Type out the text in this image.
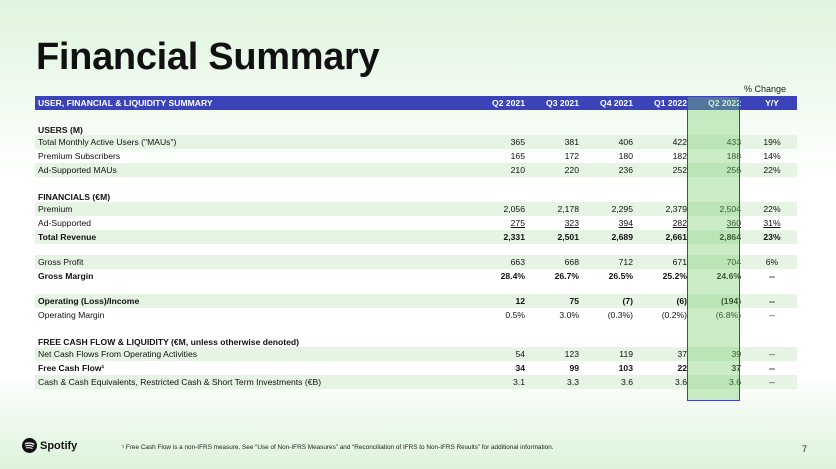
Financial Summary
% Change
USER, FINANCIAL & LIQUIDITY SUMMARY	Q2 2021	Q3 2021	Q4 2021	Q1 2022	Q2 2022	Y/Y

USERS (M)						
Total Monthly Active Users ("MAUs")	365	381	406	422	433	19%
Premium Subscribers	165	172	180	182	188	14%
Ad-Supported MAUs	210	220	236	252	256	22%

FINANCIALS (€M)						
Premium	2,056	2,178	2,295	2,379	2,504	22%
Ad-Supported	275	323	394	282	360	31%
Total Revenue	2,331	2,501	2,689	2,661	2,864	23%

Gross Profit	663	668	712	671	704	6%
Gross Margin	28.4%	26.7%	26.5%	25.2%	24.6%	--

Operating (Loss)/Income	12	75	(7)	(6)	(194)	--
Operating Margin	0.5%	3.0%	(0.3%)	(0.2%)	(6.8%)	--

FREE CASH FLOW & LIQUIDITY (€M, unless otherwise denoted)						
Net Cash Flows From Operating Activities	54	123	119	37	39	--
Free Cash Flow¹	34	99	103	22	37	--
Cash & Cash Equivalents, Restricted Cash & Short Term Investments (€B)	3.1	3.3	3.6	3.6	3.6	--
Spotify	¹ Free Cash Flow is a non-IFRS measure. See “Use of Non-IFRS Measures” and “Reconciliation of IFRS to Non-IFRS Results” for additional information.	7
